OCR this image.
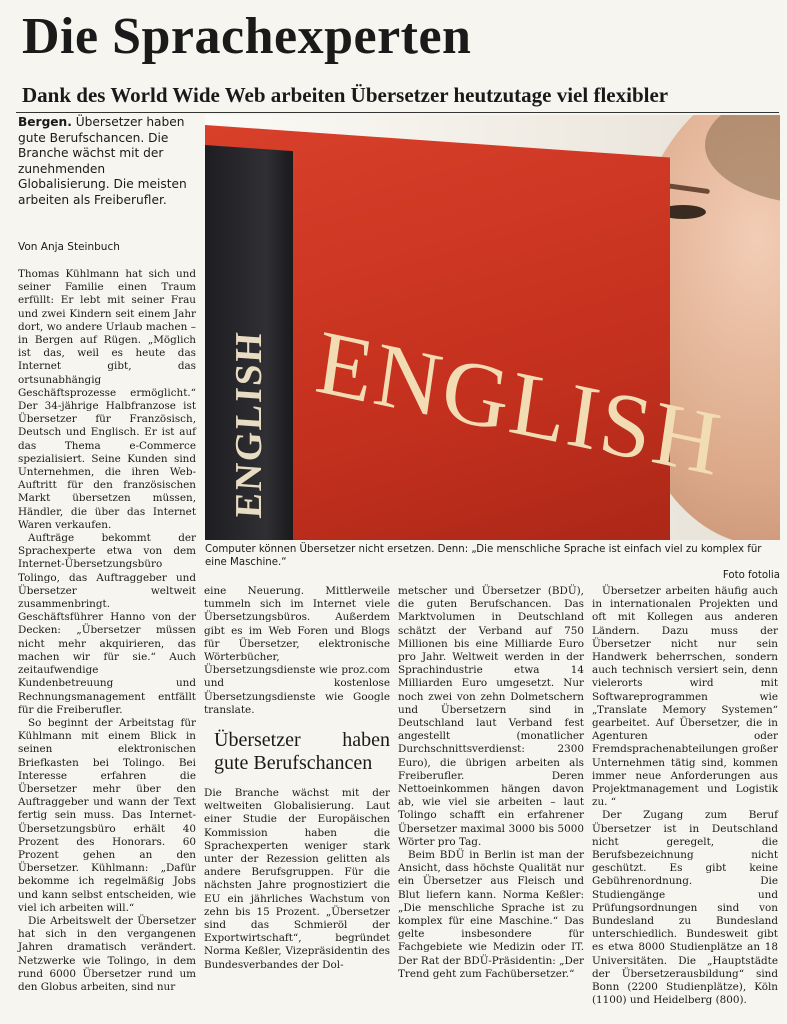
Die Sprachexperten
Dank des World Wide Web arbeiten Übersetzer heutzutage viel flexibler
Bergen. Übersetzer haben gute Berufschancen. Die Branche wächst mit der zunehmenden Globalisierung. Die meisten arbeiten als Freiberufler.
Von Anja Steinbuch
ENGLISH ENGLISH
Computer können Übersetzer nicht ersetzen. Denn: „Die menschliche Sprache ist einfach viel zu komplex für eine Maschine.“
Foto fotolia

Thomas Kühlmann hat sich und seiner Familie einen Traum erfüllt: Er lebt mit seiner Frau und zwei Kindern seit einem Jahr dort, wo andere Urlaub machen – in Bergen auf Rügen. „Möglich ist das, weil es heute das Internet gibt, das ortsunabhängig Geschäftsprozesse ermöglicht.“ Der 34-jährige Halbfranzose ist Übersetzer für Französisch, Deutsch und Englisch. Er ist auf das Thema e-Commerce spezialisiert. Seine Kunden sind Unternehmen, die ihren Web-Auftritt für den französischen Markt übersetzen müssen, Händler, die über das Internet Waren verkaufen.

Aufträge bekommt der Sprachexperte etwa von dem Internet-Übersetzungsbüro Tolingo, das Auftraggeber und Übersetzer weltweit zusammenbringt. Geschäftsführer Hanno von der Decken: „Übersetzer müssen nicht mehr akquirieren, das machen wir für sie.“ Auch zeitaufwendige Kundenbetreuung und Rechnungsmanagement entfällt für die Freiberufler.

So beginnt der Arbeitstag für Kühlmann mit einem Blick in seinen elektronischen Briefkasten bei Tolingo. Bei Interesse erfahren die Übersetzer mehr über den Auftraggeber und wann der Text fertig sein muss. Das Internet-Übersetzungsbüro erhält 40 Prozent des Honorars. 60 Prozent gehen an den Übersetzer. Kühlmann: „Dafür bekomme ich regelmäßig Jobs und kann selbst entscheiden, wie viel ich arbeiten will.“

Die Arbeitswelt der Übersetzer hat sich in den vergangenen Jahren dramatisch verändert. Netzwerke wie Tolingo, in dem rund 6000 Übersetzer rund um den Globus arbeiten, sind nur

eine Neuerung. Mittlerweile tummeln sich im Internet viele Übersetzungsbüros. Außerdem gibt es im Web Foren und Blogs für Übersetzer, elektronische Wörterbücher, Übersetzungsdienste wie proz.com und kostenlose Übersetzungsdienste wie Google translate.

Übersetzer haben gute Berufschancen

Die Branche wächst mit der weltweiten Globalisierung. Laut einer Studie der Europäischen Kommission haben die Sprachexperten weniger stark unter der Rezession gelitten als andere Berufsgruppen. Für die nächsten Jahre prognostiziert die EU ein jährliches Wachstum von zehn bis 15 Prozent. „Übersetzer sind das Schmieröl der Exportwirtschaft“, begründet Norma Keßler, Vizepräsidentin des Bundesverbandes der Dol-

metscher und Übersetzer (BDÜ), die guten Berufschancen. Das Marktvolumen in Deutschland schätzt der Verband auf 750 Millionen bis eine Milliarde Euro pro Jahr. Weltweit werden in der Sprachindustrie etwa 14 Milliarden Euro umgesetzt. Nur noch zwei von zehn Dolmetschern und Übersetzern sind in Deutschland laut Verband fest angestellt (monatlicher Durchschnittsverdienst: 2300 Euro), die übrigen arbeiten als Freiberufler. Deren Nettoeinkommen hängen davon ab, wie viel sie arbeiten – laut Tolingo schafft ein erfahrener Übersetzer maximal 3000 bis 5000 Wörter pro Tag.

Beim BDÜ in Berlin ist man der Ansicht, dass höchste Qualität nur ein Übersetzer aus Fleisch und Blut liefern kann. Norma Keßler: „Die menschliche Sprache ist zu komplex für eine Maschine.“ Das gelte insbesondere für Fachgebiete wie Medizin oder IT. Der Rat der BDÜ-Präsidentin: „Der Trend geht zum Fachübersetzer.“

Übersetzer arbeiten häufig auch in internationalen Projekten und oft mit Kollegen aus anderen Ländern. Dazu muss der Übersetzer nicht nur sein Handwerk beherrschen, sondern auch technisch versiert sein, denn vielerorts wird mit Softwareprogrammen wie „Translate Memory Systemen“ gearbeitet. Auf Übersetzer, die in Agenturen oder Fremdsprachenabteilungen großer Unternehmen tätig sind, kommen immer neue Anforderungen aus Projektmanagement und Logistik zu. “

Der Zugang zum Beruf Übersetzer ist in Deutschland nicht geregelt, die Berufsbezeichnung nicht geschützt. Es gibt keine Gebührenordnung. Die Studiengänge und Prüfungsordnungen sind von Bundesland zu Bundesland unterschiedlich. Bundesweit gibt es etwa 8000 Studienplätze an 18 Universitäten. Die „Hauptstädte der Übersetzerausbildung“ sind Bonn (2200 Studienplätze), Köln (1100) und Heidelberg (800).
